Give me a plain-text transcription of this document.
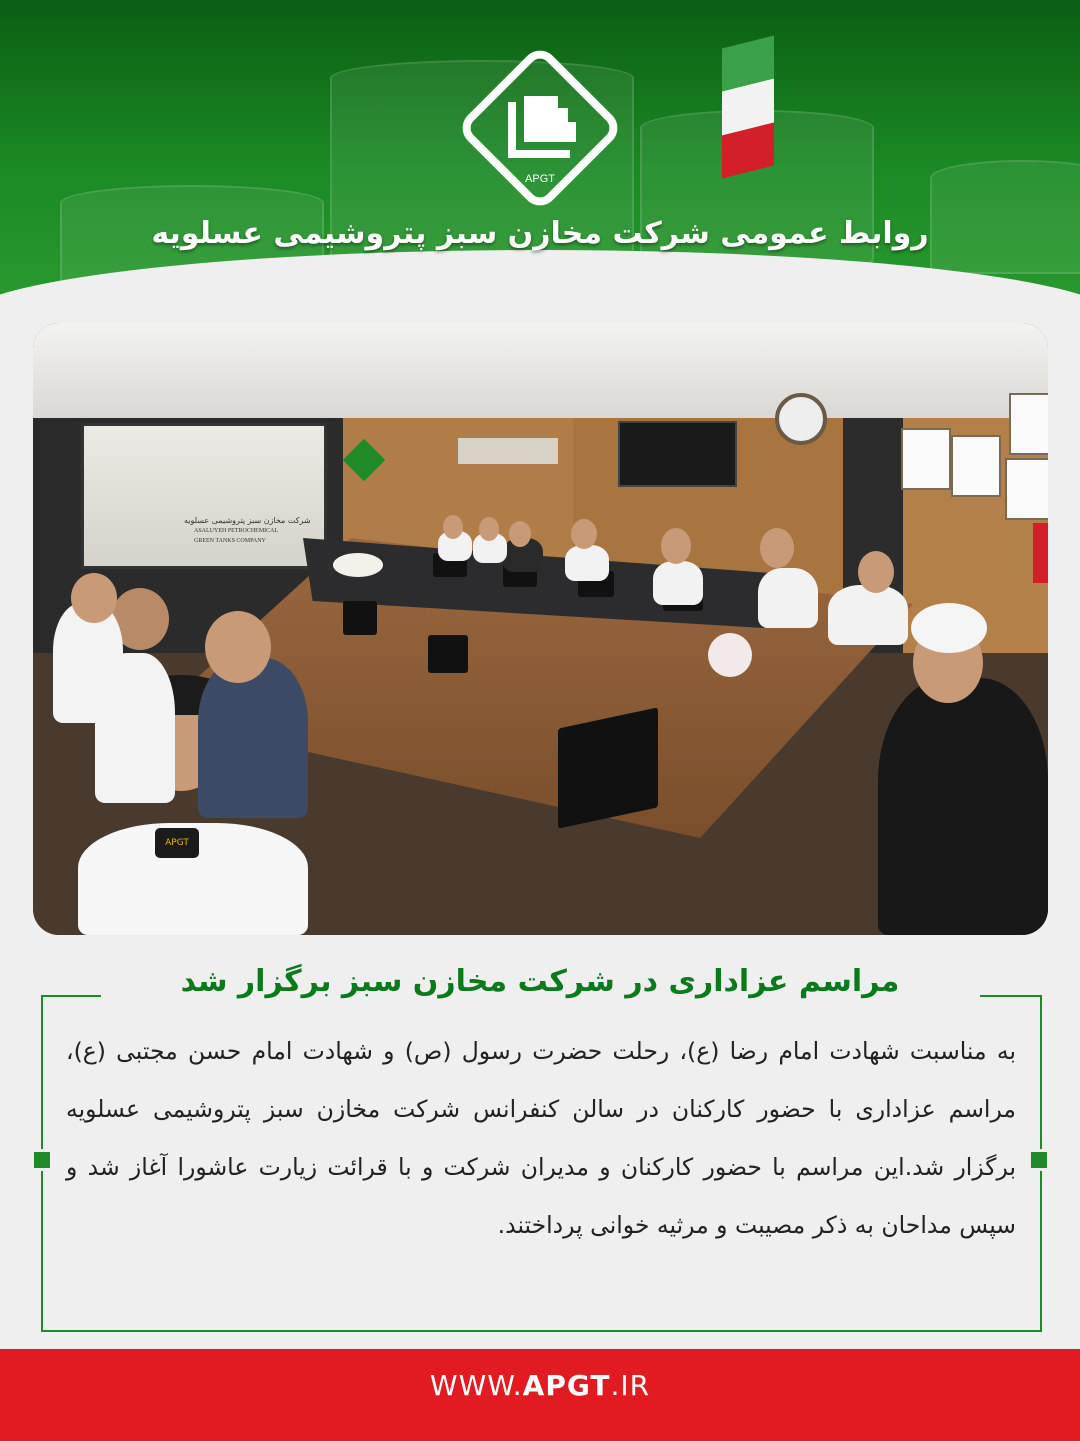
APGT
روابط عمومی شرکت مخازن سبز پتروشیمی عسلویه
شرکت مخازن سبز پتروشیمی عسلویه
ASALUYEH PETROCHEMICAL
GREEN TANKS COMPANY
APGT
مراسم عزاداری در شرکت مخازن سبز برگزار شد
به مناسبت شهادت امام رضا (ع)، رحلت حضرت رسول (ص) و شهادت امام حسن مجتبی (ع)، مراسم عزاداری با حضور کارکنان در سالن کنفرانس شرکت مخازن سبز پتروشیمی عسلویه برگزار شد.این مراسم با حضور کارکنان و مدیران شرکت و با قرائت زیارت عاشورا آغاز شد و سپس مداحان به ذکر مصیبت و مرثیه خوانی پرداختند.
WWW.APGT.IR
